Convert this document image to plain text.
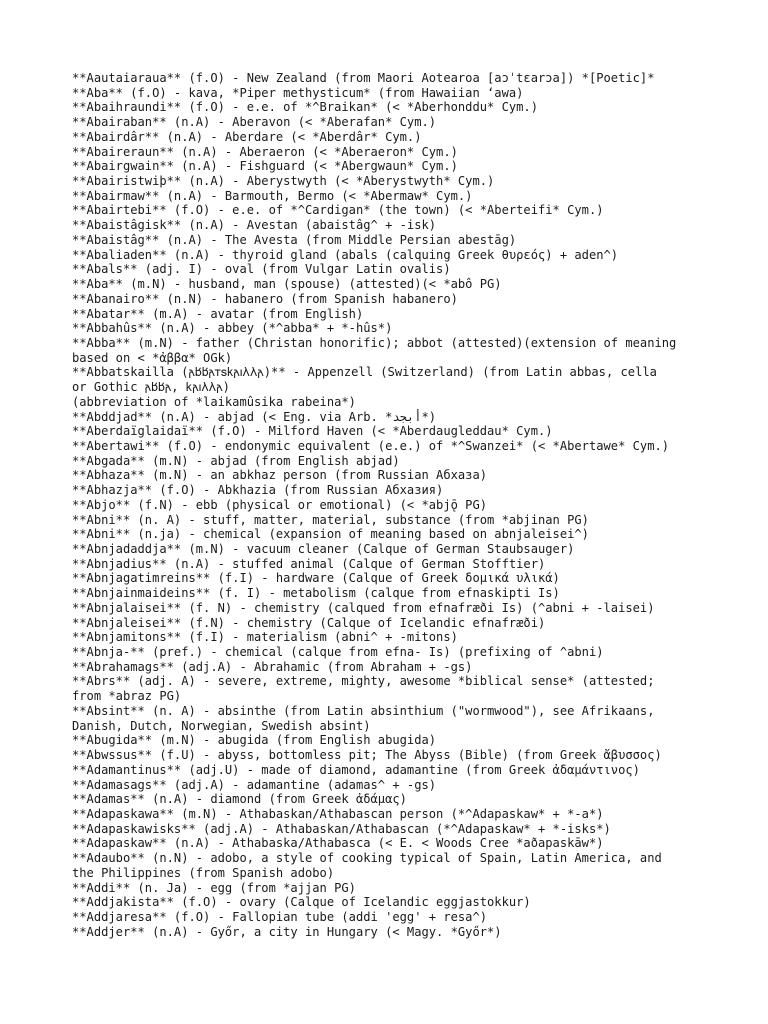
**Aautaiaraua** (f.O) - New Zealand (from Maori Aotearoa [aɔˈtɛarɔa]) *[Poetic]*
**Aba** (f.O) - kava, *Piper methysticum* (from Hawaiian ʻawa)
**Abaihraundi** (f.O) - e.e. of *^Braikan* (< *Aberhonddu* Cym.)
**Abairaban** (n.A) - Aberavon (< *Aberafan* Cym.)
**Abairdâr** (n.A) - Aberdare (< *Aberdâr* Cym.)
**Abaireraun** (n.A) - Aberaeron (< *Aberaeron* Cym.)
**Abairgwain** (n.A) - Fishguard (< *Abergwaun* Cym.)
**Abairistwiþ** (n.A) - Aberystwyth (< *Aberystwyth* Cym.)
**Abairmaw** (n.A) - Barmouth, Bermo (< *Abermaw* Cym.)
**Abairtebi** (f.O) - e.e. of *^Cardigan* (the town) (< *Aberteifi* Cym.)
**Abaistâgisk** (n.A) - Avestan (abaistâg^ + -isk)
**Abaistâg** (n.A) - The Avesta (from Middle Persian abestāg)
**Abaliaden** (n.A) - thyroid gland (abals (calquing Greek θυρεός) + aden^)
**Abals** (adj. I) - oval (from Vulgar Latin ovalis)
**Aba** (m.N) - husband, man (spouse) (attested)(< *abô PG)
**Abanairo** (n.N) - habanero (from Spanish habanero)
**Abatar** (m.A) - avatar (from English)
**Abbahûs** (n.A) - abbey (*^abba* + *-hûs*)
**Abba** (m.N) - father (Christan honorific); abbot (attested)(extension of meaning
based on < *ἀββα* OGk)
**Abbatskailla (𐌰𐌱𐌱𐌰𐍄𐍃𐌺𐌰𐌹𐌻𐌻𐌰)** - Appenzell (Switzerland) (from Latin abbas, cella
or Gothic 𐌰𐌱𐌱𐌰, 𐌺𐌰𐌹𐌻𐌻𐌰)
(abbreviation of *laikamûsika rabeina*)
**Abddjad** (n.A) - abjad (< Eng. via Arb. *أبجد*)
**Aberdaïglaidaï** (f.O) - Milford Haven (< *Aberdaugleddau* Cym.)
**Abertawi** (f.O) - endonymic equivalent (e.e.) of *^Swanzei* (< *Abertawe* Cym.)
**Abgada** (m.N) - abjad (from English abjad)
**Abhaza** (m.N) - an abkhaz person (from Russian Абхаза)
**Abhazja** (f.O) - Abkhazia (from Russian Абхазия)
**Abjo** (f.N) - ebb (physical or emotional) (< *abjǭ PG)
**Abni** (n. A) - stuff, matter, material, substance (from *abjinan PG)
**Abni** (n.ja) - chemical (expansion of meaning based on abnjaleisei^)
**Abnjadaddja** (m.N) - vacuum cleaner (Calque of German Staubsauger)
**Abnjadius** (n.A) - stuffed animal (Calque of German Stofftier)
**Abnjagatimreins** (f.I) - hardware (Calque of Greek δομικά υλικά)
**Abnjainmaideins** (f. I) - metabolism (calque from efnaskipti Is)
**Abnjalaisei** (f. N) - chemistry (calqued from efnafræði Is) (^abni + -laisei)
**Abnjaleisei** (f.N) - chemistry (Calque of Icelandic efnafræði)
**Abnjamitons** (f.I) - materialism (abni^ + -mitons)
**Abnja-** (pref.) - chemical (calque from efna- Is) (prefixing of ^abni)
**Abrahamags** (adj.A) - Abrahamic (from Abraham + -gs)
**Abrs** (adj. A) - severe, extreme, mighty, awesome *biblical sense* (attested;
from *abraz PG)
**Absint** (n. A) - absinthe (from Latin absinthium ("wormwood"), see Afrikaans,
Danish, Dutch, Norwegian, Swedish absint)
**Abugida** (m.N) - abugida (from English abugida)
**Abwssus** (f.U) - abyss, bottomless pit; The Abyss (Bible) (from Greek ἄβυσσος)
**Adamantinus** (adj.U) - made of diamond, adamantine (from Greek ἀδαμάντινος)
**Adamasags** (adj.A) - adamantine (adamas^ + -gs)
**Adamas** (n.A) - diamond (from Greek ἀδάμας)
**Adapaskawa** (m.N) - Athabaskan/Athabascan person (*^Adapaskaw* + *-a*)
**Adapaskawisks** (adj.A) - Athabaskan/Athabascan (*^Adapaskaw* + *-isks*)
**Adapaskaw** (n.A) - Athabaska/Athabasca (< E. < Woods Cree *aðapaskāw*)
**Adaubo** (n.N) - adobo, a style of cooking typical of Spain, Latin America, and
the Philippines (from Spanish adobo)
**Addi** (n. Ja) - egg (from *ajjan PG)
**Addjakista** (f.O) - ovary (Calque of Icelandic eggjastokkur)
**Addjaresa** (f.O) - Fallopian tube (addi 'egg' + resa^)
**Addjer** (n.A) - Győr, a city in Hungary (< Magy. *Győr*)
